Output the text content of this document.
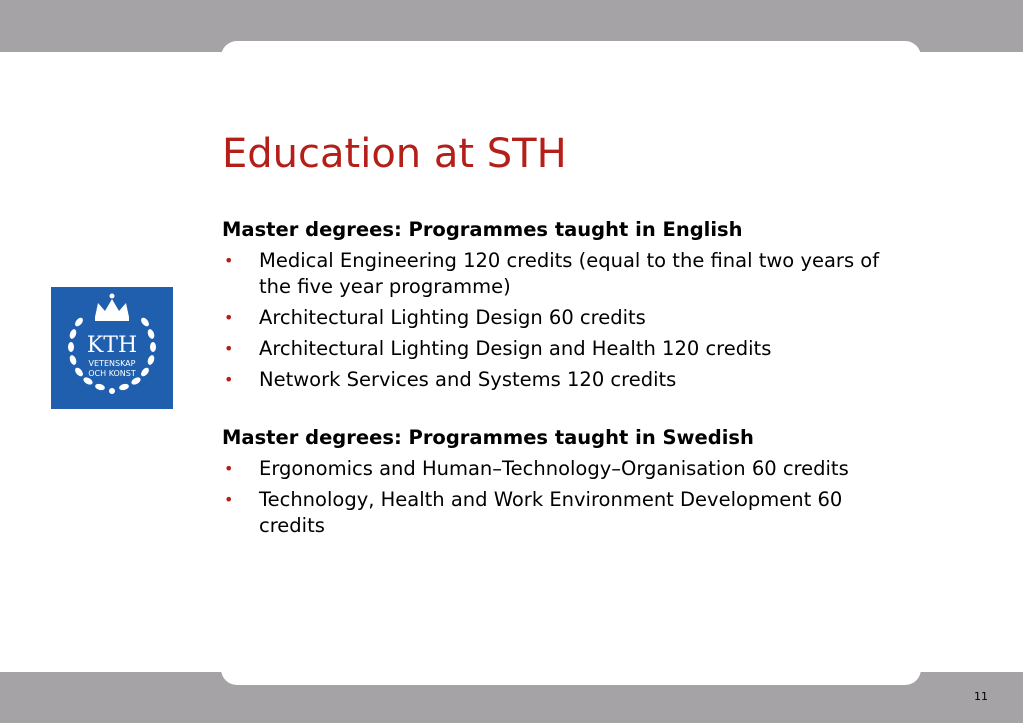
KTH
VETENSKAP
OCH KONST
Education at STH
Master degrees: Programmes taught in English
• Medical Engineering 120 credits (equal to the final two years of the five year programme)
• Architectural Lighting Design 60 credits
• Architectural Lighting Design and Health 120 credits
• Network Services and Systems 120 credits
Master degrees: Programmes taught in Swedish
• Ergonomics and Human–Technology–Organisation 60 credits
• Technology, Health and Work Environment Development 60 credits
11
